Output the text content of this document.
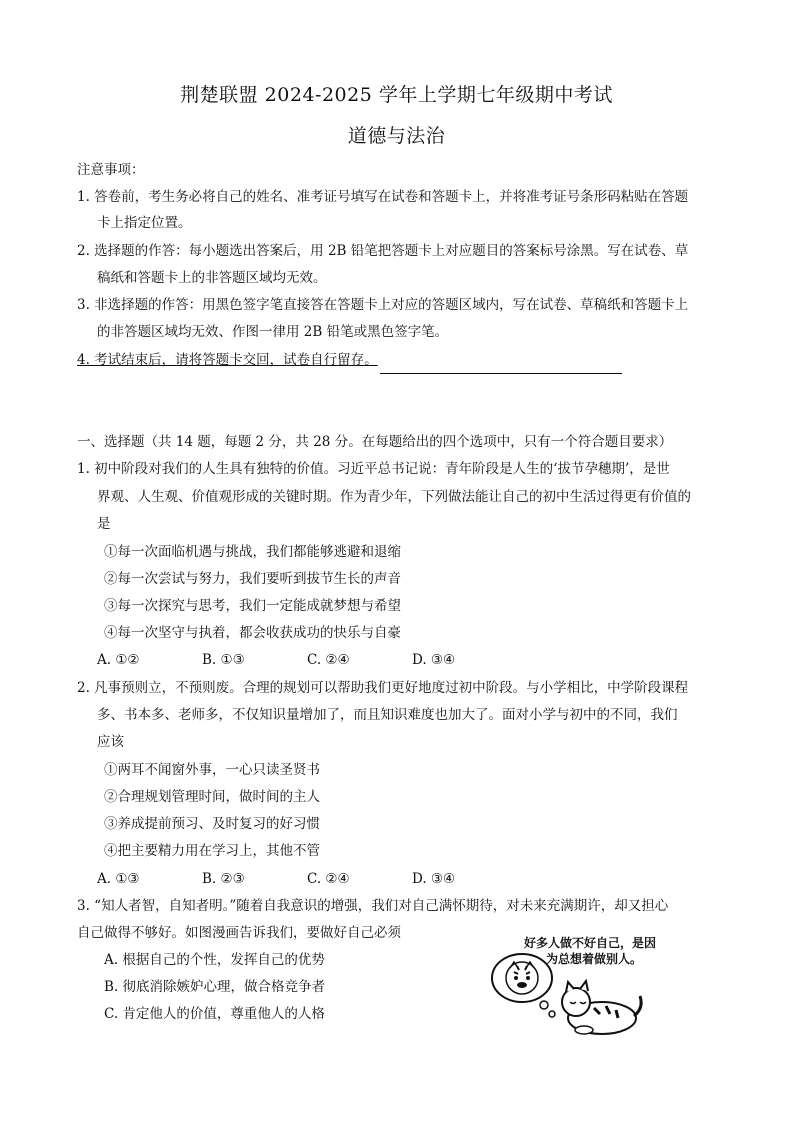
荆楚联盟 2024-2025 学年上学期七年级期中考试
道德与法治
注意事项：
1. 答卷前，考生务必将自己的姓名、准考证号填写在试卷和答题卡上，并将准考证号条形码粘贴在答题
卡上指定位置。
2. 选择题的作答：每小题选出答案后，用 2B 铅笔把答题卡上对应题目的答案标号涂黑。写在试卷、草
稿纸和答题卡上的非答题区域均无效。
3. 非选择题的作答：用黑色签字笔直接答在答题卡上对应的答题区域内，写在试卷、草稿纸和答题卡上
的非答题区域均无效、作图一律用 2B 铅笔或黑色签字笔。
4. 考试结束后，请将答题卡交回，试卷自行留存。
一、选择题（共 14 题，每题 2 分，共 28 分。在每题给出的四个选项中，只有一个符合题目要求）
1. 初中阶段对我们的人生具有独特的价值。习近平总书记说：青年阶段是人生的‘拔节孕穗期’，是世
界观、人生观、价值观形成的关键时期。作为青少年，下列做法能让自己的初中生活过得更有价值的
是
①每一次面临机遇与挑战，我们都能够逃避和退缩
②每一次尝试与努力，我们要听到拔节生长的声音
③每一次探究与思考，我们一定能成就梦想与希望
④每一次坚守与执着，都会收获成功的快乐与自豪
A. ①②	B. ①③	C. ②④	D. ③④
2. 凡事预则立，不预则废。合理的规划可以帮助我们更好地度过初中阶段。与小学相比，中学阶段课程
多、书本多、老师多，不仅知识量增加了，而且知识难度也加大了。面对小学与初中的不同，我们
应该
①两耳不闻窗外事，一心只读圣贤书
②合理规划管理时间，做时间的主人
③养成提前预习、及时复习的好习惯
④把主要精力用在学习上，其他不管
A. ①③	B. ②③	C. ②④	D. ③④
3. “知人者智，自知者明。”随着自我意识的增强，我们对自己满怀期待，对未来充满期许，却又担心
自己做得不够好。如图漫画告诉我们，要做好自己必须
A. 根据自己的个性，发挥自己的优势
B. 彻底消除嫉妒心理，做合格竞争者
C. 肯定他人的价值，尊重他人的人格
好多人做不好自己，是因
为总想着做别人。
